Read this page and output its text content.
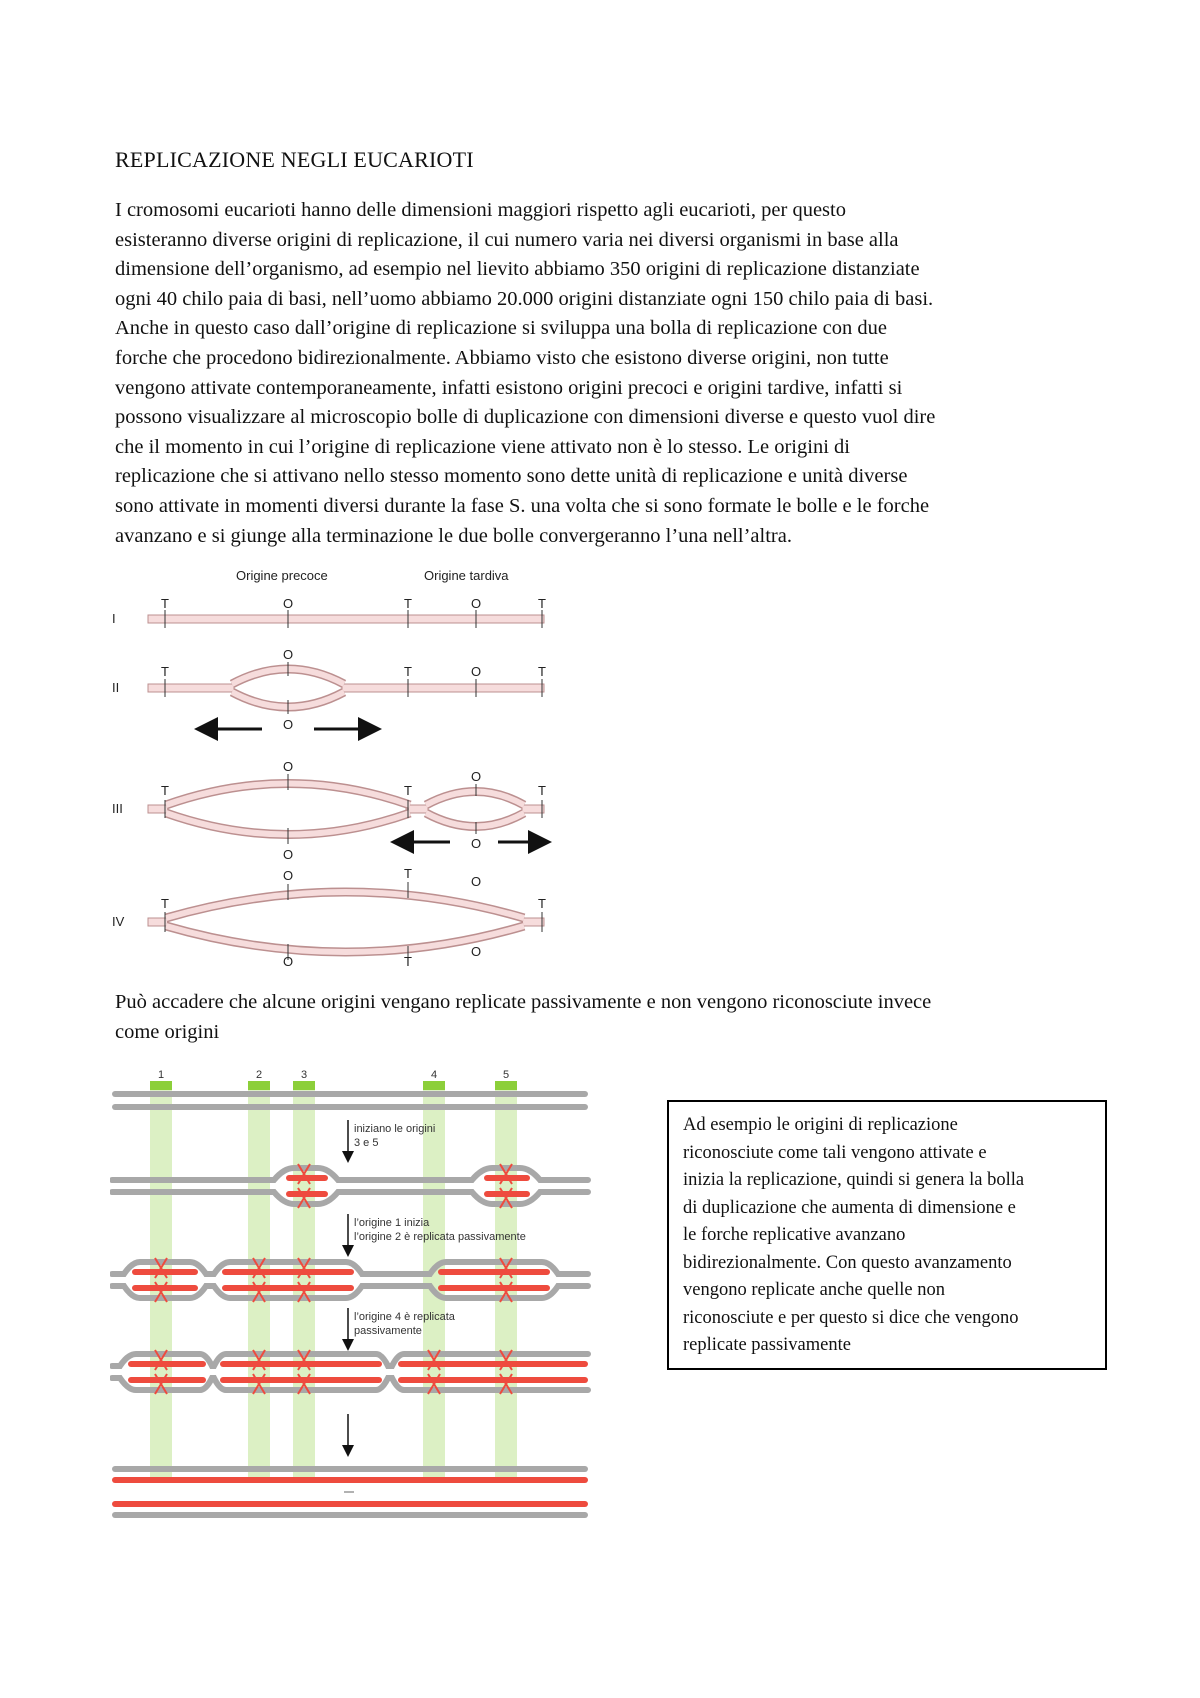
REPLICAZIONE NEGLI EUCARIOTI
I cromosomi eucarioti hanno delle dimensioni maggiori rispetto agli eucarioti, per questo
esisteranno diverse origini di replicazione, il cui numero varia nei diversi organismi in base alla
dimensione dell’organismo, ad esempio nel lievito abbiamo 350 origini di replicazione distanziate
ogni 40 chilo paia di basi, nell’uomo abbiamo 20.000 origini distanziate ogni 150 chilo paia di basi.
Anche in questo caso dall’origine di replicazione si sviluppa una bolla di replicazione con due
forche che procedono bidirezionalmente. Abbiamo visto che esistono diverse origini, non tutte
vengono attivate contemporaneamente, infatti esistono origini precoci e origini tardive, infatti si
possono visualizzare al microscopio bolle di duplicazione con dimensioni diverse e questo vuol dire
che il momento in cui l’origine di replicazione viene attivato non è lo stesso. Le origini di
replicazione che si attivano nello stesso momento sono dette unità di replicazione e unità diverse
sono attivate in momenti diversi durante la fase S. una volta che si sono formate le bolle e le forche
avanzano e si giunge alla terminazione le due bolle convergeranno l’una nell’altra.
Origine precoce	Origine tardiva
I
T	O	T	O	T
II
T
O
O
T	O	T
III
T
O
O
T
O
O
T
IV
T
O
O
T
T
O
O
T
Può accadere che alcune origini vengano replicate passivamente e non vengono riconosciute invece
come origini
1	2	3	4	5
iniziano le origini
3 e 5
l’origine 1 inizia
l’origine 2 è replicata passivamente
l’origine 4 è replicata
passivamente
Ad esempio le origini di replicazione
riconosciute come tali vengono attivate e
inizia la replicazione, quindi si genera la bolla
di duplicazione che aumenta di dimensione e
le forche replicative avanzano
bidirezionalmente. Con questo avanzamento
vengono replicate anche quelle non
riconosciute e per questo si dice che vengono
replicate passivamente
